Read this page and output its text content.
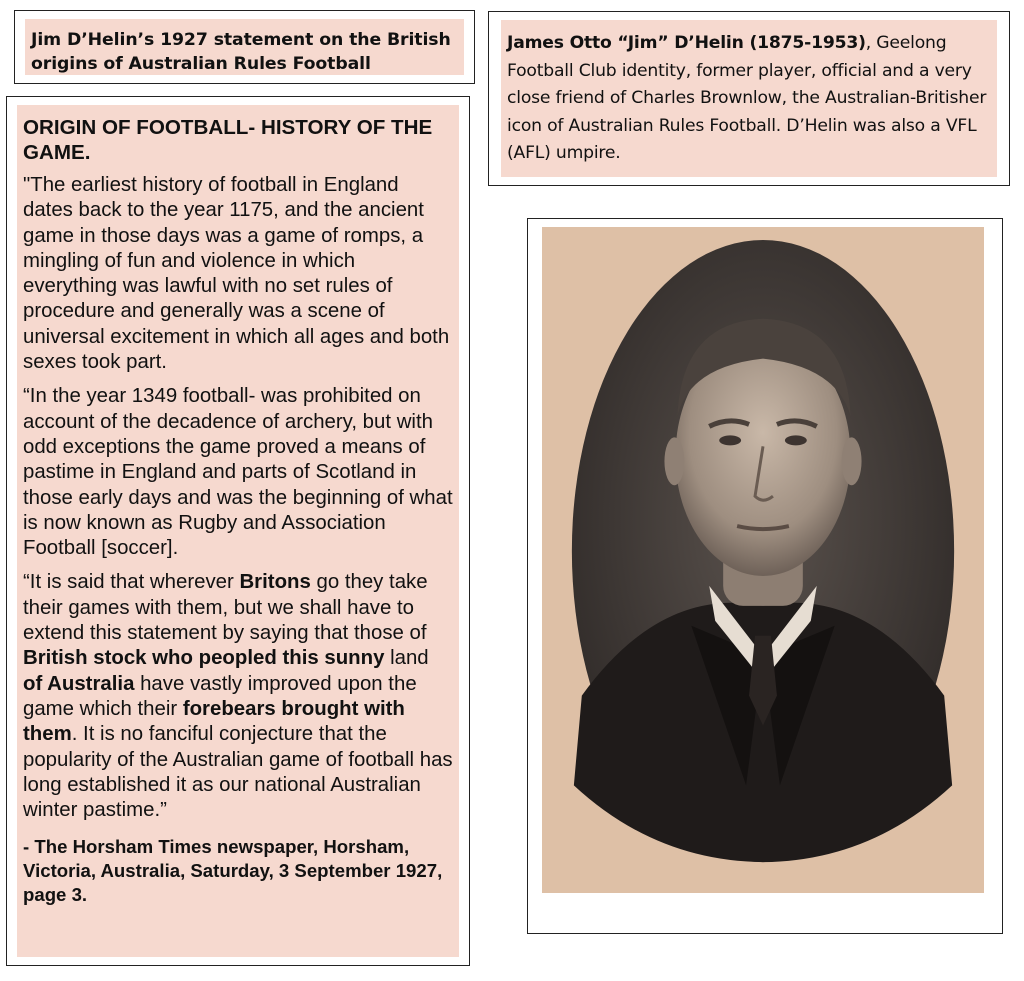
Jim D’Helin’s 1927 statement on the British origins of Australian Rules Football
James Otto “Jim” D’Helin (1875-1953), Geelong Football Club identity, former player, official and a very close friend of Charles Brownlow, the Australian-Britisher icon of Australian Rules Football. D’Helin was also a VFL (AFL) umpire.
ORIGIN OF FOOTBALL- HISTORY OF THE GAME.

"The earliest history of football in England dates back to the year 1175, and the ancient game in those days was a game of romps, a mingling of fun and violence in which everything was lawful with no set rules of procedure and generally was a scene of universal excitement in which all ages and both sexes took part.

“In the year 1349 football- was prohibited on account of the decadence of archery, but with odd exceptions the game proved a means of pastime in England and parts of Scotland in those early days and was the beginning of what is now known as Rugby and Association Football [soccer].

“It is said that wherever Britons go they take their games with them, but we shall have to extend this statement by saying that those of British stock who peopled this sunny land of Australia have vastly improved upon the game which their forebears brought with them. It is no fanciful conjecture that the popularity of the Australian game of football has long established it as our national Australian winter pastime.”

- The Horsham Times newspaper, Horsham, Victoria, Australia, Saturday, 3 September 1927, page 3.
